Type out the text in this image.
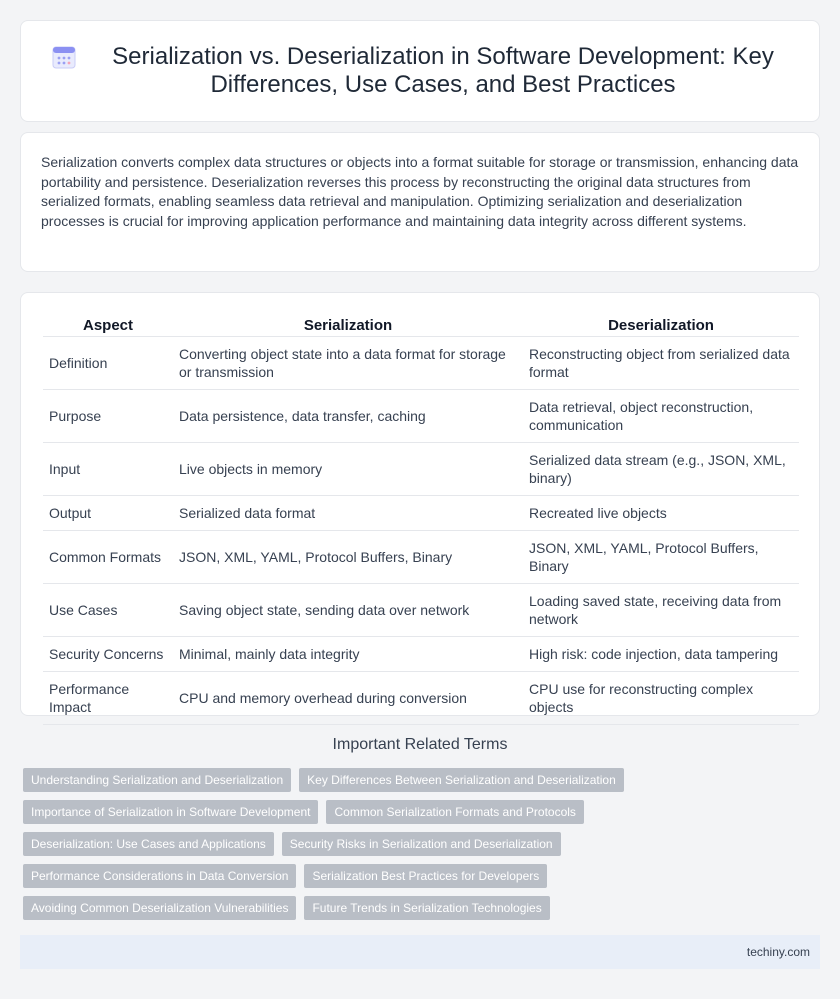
Serialization vs. Deserialization in Software Development: Key Differences, Use Cases, and Best Practices

Serialization converts complex data structures or objects into a format suitable for storage or transmission, enhancing data portability and persistence. Deserialization reverses this process by reconstructing the original data structures from serialized formats, enabling seamless data retrieval and manipulation. Optimizing serialization and deserialization processes is crucial for improving application performance and maintaining data integrity across different systems.

Aspect	Serialization	Deserialization
Definition	Converting object state into a data format for storage or transmission	Reconstructing object from serialized data format
Purpose	Data persistence, data transfer, caching	Data retrieval, object reconstruction, communication
Input	Live objects in memory	Serialized data stream (e.g., JSON, XML, binary)
Output	Serialized data format	Recreated live objects
Common Formats	JSON, XML, YAML, Protocol Buffers, Binary	JSON, XML, YAML, Protocol Buffers, Binary
Use Cases	Saving object state, sending data over network	Loading saved state, receiving data from network
Security Concerns	Minimal, mainly data integrity	High risk: code injection, data tampering
Performance Impact	CPU and memory overhead during conversion	CPU use for reconstructing complex objects
Important Related Terms
Understanding Serialization and Deserialization	Key Differences Between Serialization and Deserialization
Importance of Serialization in Software Development	Common Serialization Formats and Protocols
Deserialization: Use Cases and Applications	Security Risks in Serialization and Deserialization
Performance Considerations in Data Conversion	Serialization Best Practices for Developers
Avoiding Common Deserialization Vulnerabilities	Future Trends in Serialization Technologies
techiny.com
